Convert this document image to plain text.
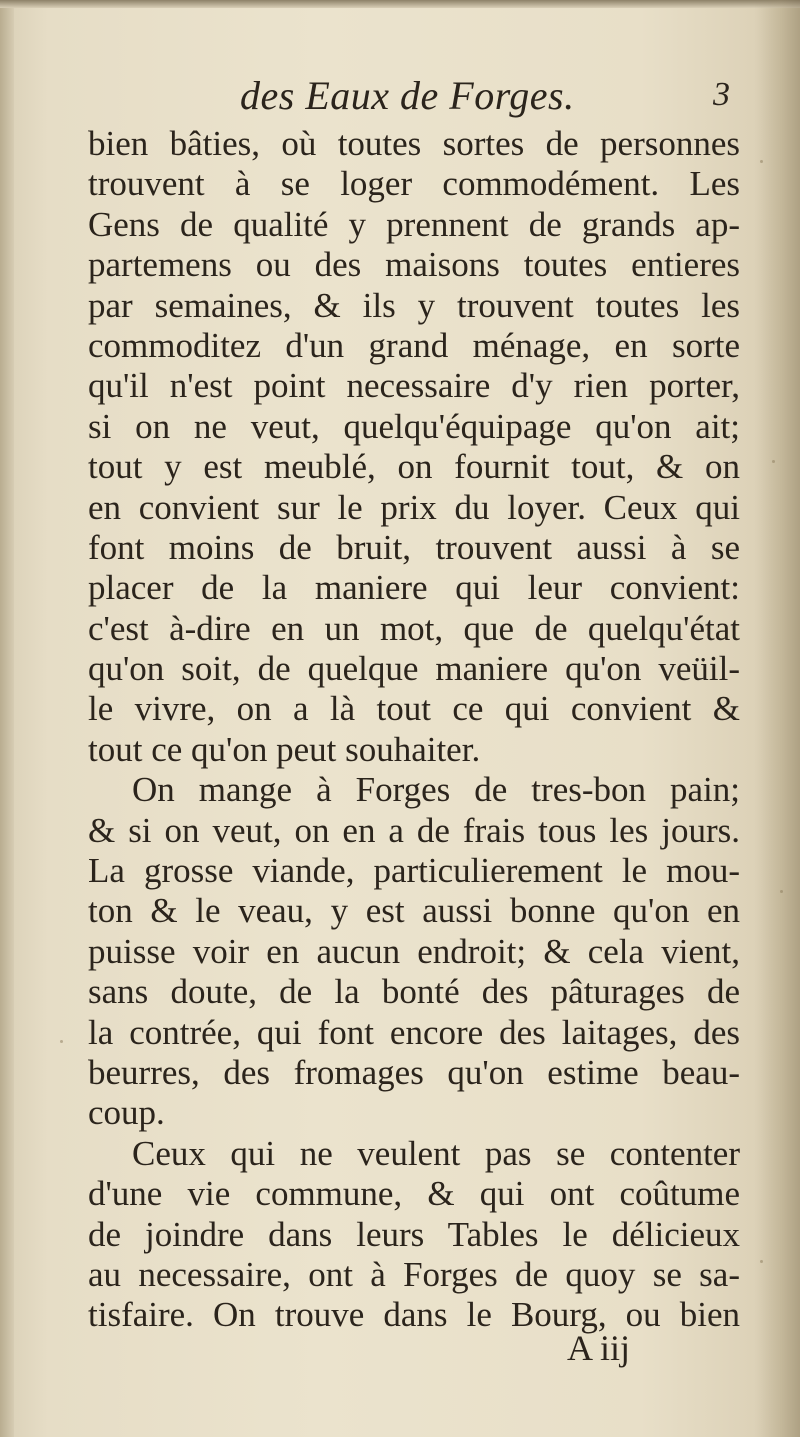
des Eaux de Forges.	3
bien bâties, où toutes sortes de personnes
trouvent à se loger commodément. Les
Gens de qualité y prennent de grands ap-
partemens ou des maisons toutes entieres
par semaines, & ils y trouvent toutes les
commoditez d'un grand ménage, en sorte
qu'il n'est point necessaire d'y rien porter,
si on ne veut, quelqu'équipage qu'on ait;
tout y est meublé, on fournit tout, & on
en convient sur le prix du loyer. Ceux qui
font moins de bruit, trouvent aussi à se
placer de la maniere qui leur convient:
c'est à-dire en un mot, que de quelqu'état
qu'on soit, de quelque maniere qu'on veüil-
le vivre, on a là tout ce qui convient &
tout ce qu'on peut souhaiter.
On mange à Forges de tres-bon pain;
& si on veut, on en a de frais tous les jours.
La grosse viande, particulierement le mou-
ton & le veau, y est aussi bonne qu'on en
puisse voir en aucun endroit; & cela vient,
sans doute, de la bonté des pâturages de
la contrée, qui font encore des laitages, des
beurres, des fromages qu'on estime beau-
coup.
Ceux qui ne veulent pas se contenter
d'une vie commune, & qui ont coûtume
de joindre dans leurs Tables le délicieux
au necessaire, ont à Forges de quoy se sa-
tisfaire. On trouve dans le Bourg, ou bien
A iij
